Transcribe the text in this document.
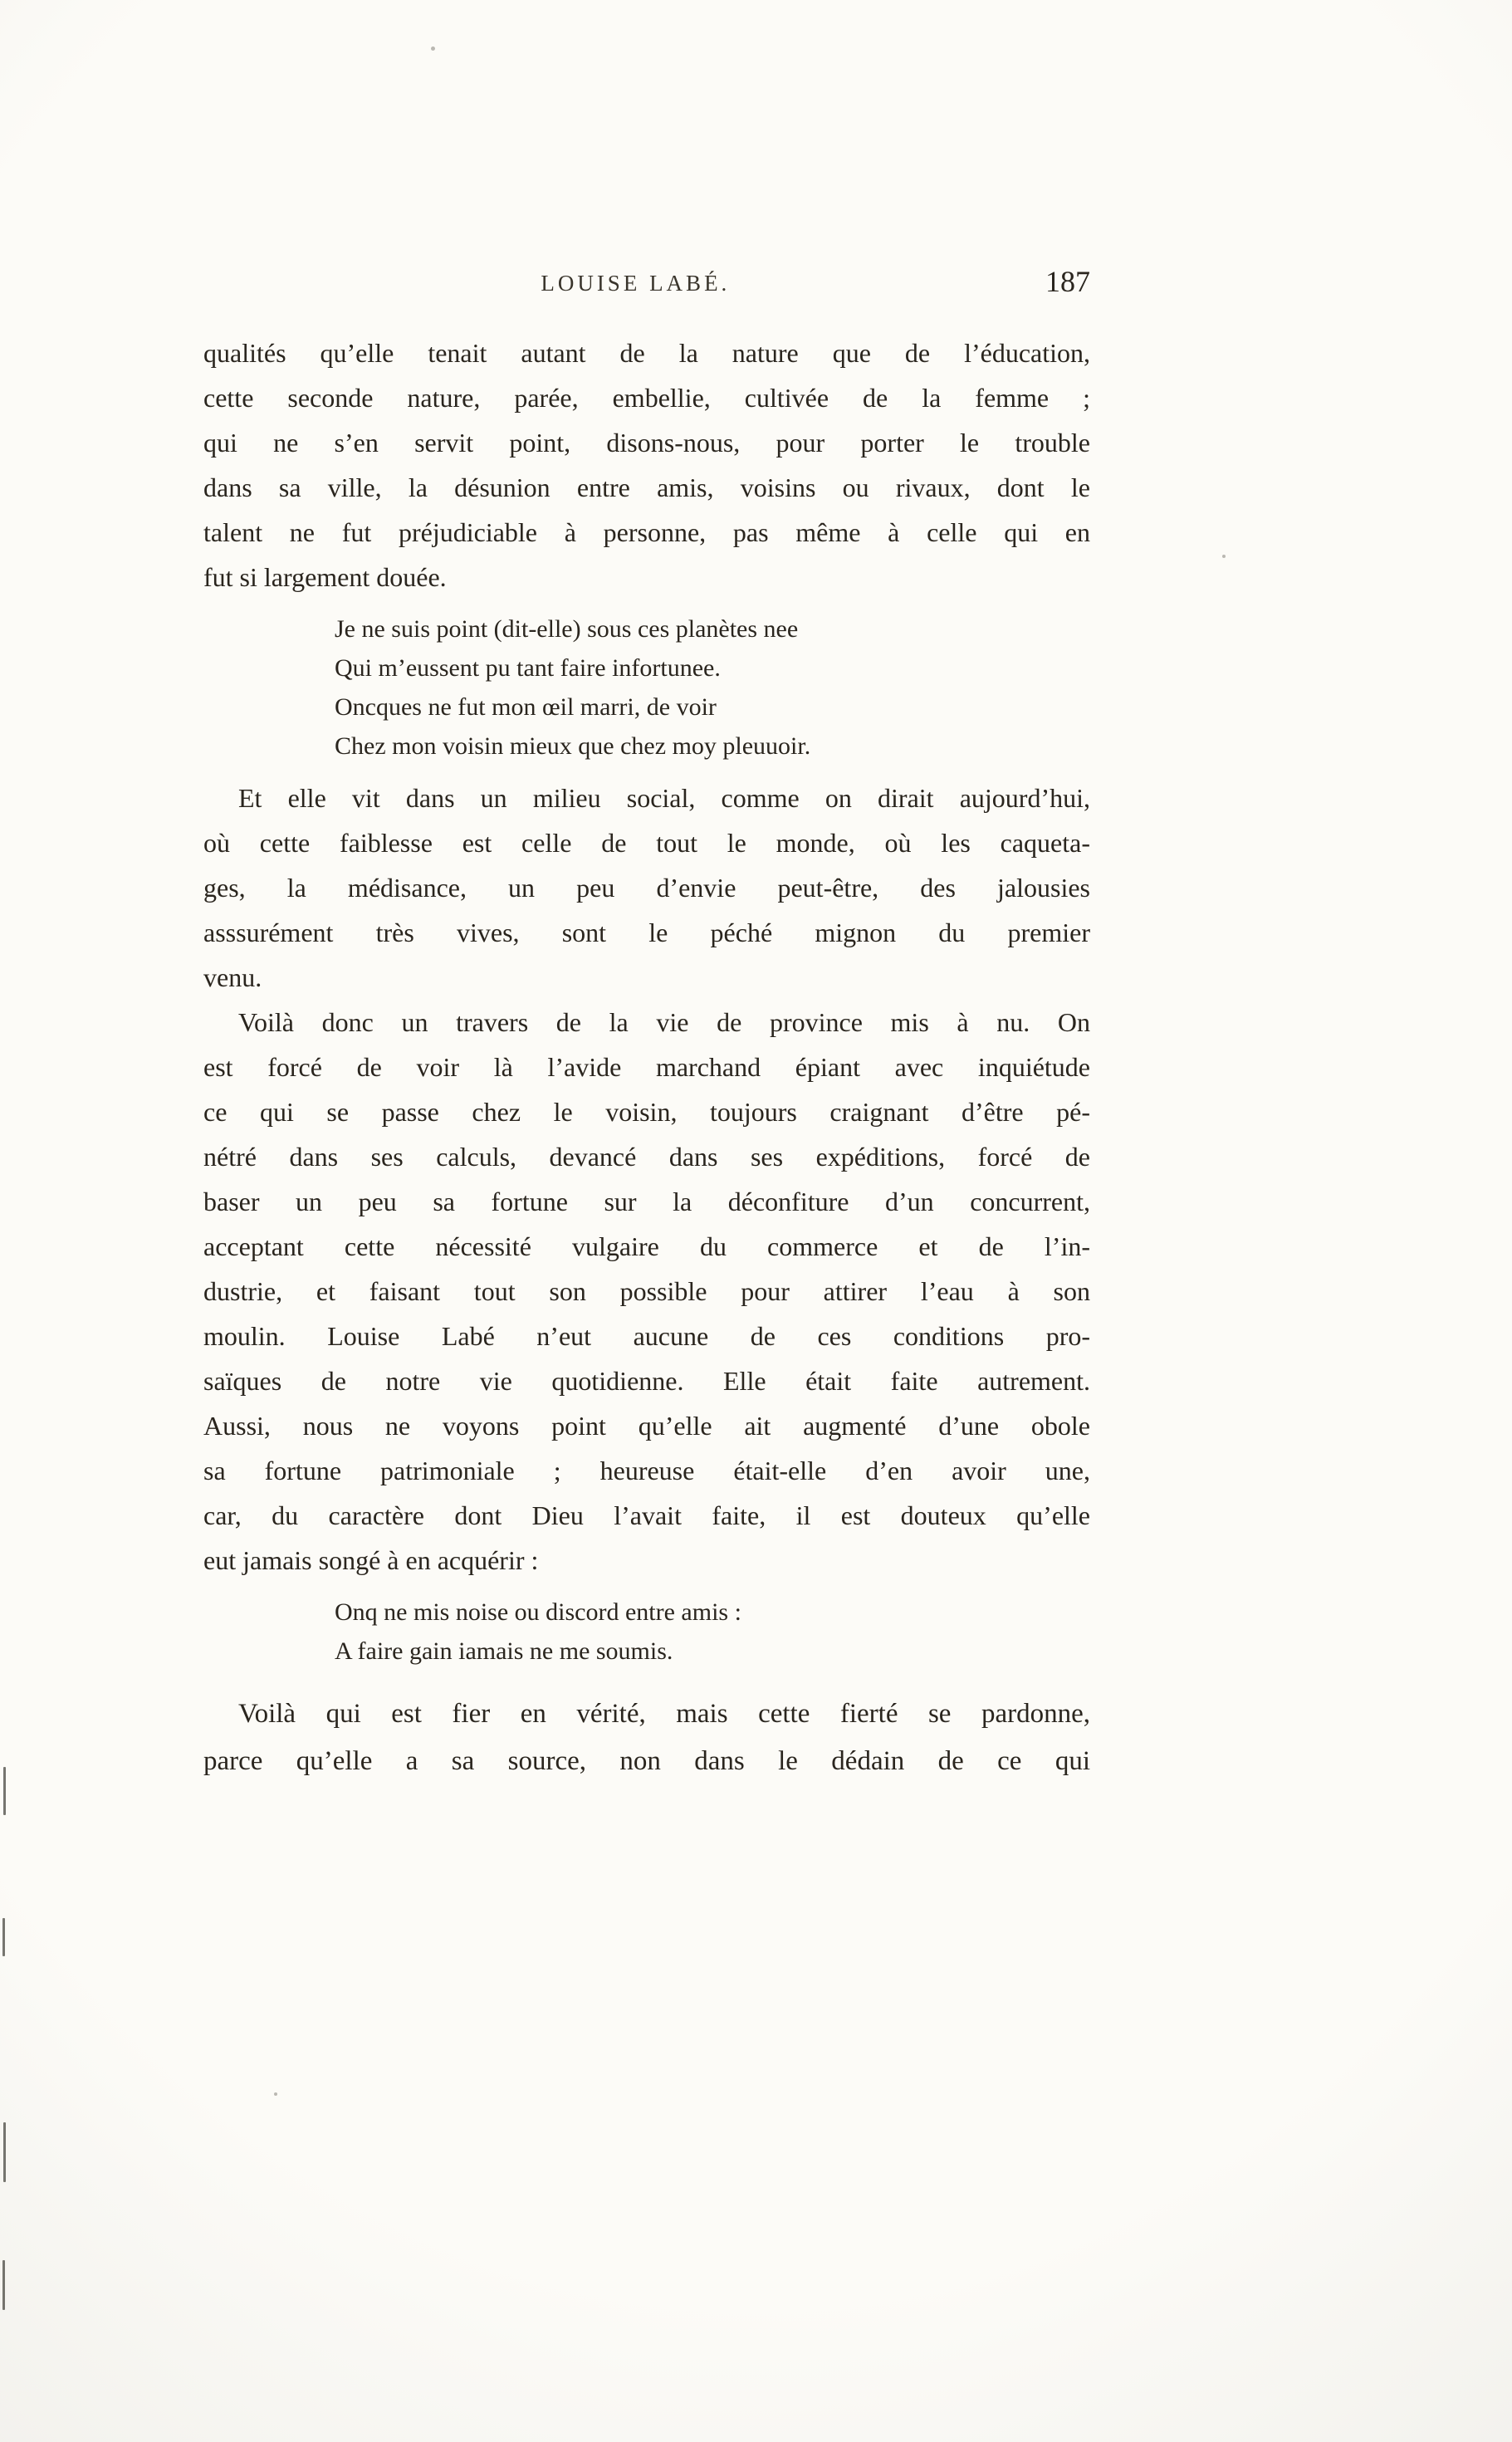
LOUISE LABÉ.	187
qualités qu’elle tenait autant de la nature que de l’éducation,
cette seconde nature, parée, embellie, cultivée de la femme ;
qui ne s’en servit point, disons-nous, pour porter le trouble
dans sa ville, la désunion entre amis, voisins ou rivaux, dont le
talent ne fut préjudiciable à personne, pas même à celle qui en
fut si largement douée.
Je ne suis point (dit-elle) sous ces planètes nee
Qui m’eussent pu tant faire infortunee.
Oncques ne fut mon œil marri, de voir
Chez mon voisin mieux que chez moy pleuuoir.
Et elle vit dans un milieu social, comme on dirait aujourd’hui,
où cette faiblesse est celle de tout le monde, où les caqueta-
ges, la médisance, un peu d’envie peut-être, des jalousies
asssurément très vives, sont le péché mignon du premier
venu.
Voilà donc un travers de la vie de province mis à nu. On
est forcé de voir là l’avide marchand épiant avec inquiétude
ce qui se passe chez le voisin, toujours craignant d’être pé-
nétré dans ses calculs, devancé dans ses expéditions, forcé de
baser un peu sa fortune sur la déconfiture d’un concurrent,
acceptant cette nécessité vulgaire du commerce et de l’in-
dustrie, et faisant tout son possible pour attirer l’eau à son
moulin. Louise Labé n’eut aucune de ces conditions pro-
saïques de notre vie quotidienne. Elle était faite autrement.
Aussi, nous ne voyons point qu’elle ait augmenté d’une obole
sa fortune patrimoniale ; heureuse était-elle d’en avoir une,
car, du caractère dont Dieu l’avait faite, il est douteux qu’elle
eut jamais songé à en acquérir :
Onq ne mis noise ou discord entre amis :
A faire gain iamais ne me soumis.
Voilà qui est fier en vérité, mais cette fierté se pardonne,
parce qu’elle a sa source, non dans le dédain de ce qui
